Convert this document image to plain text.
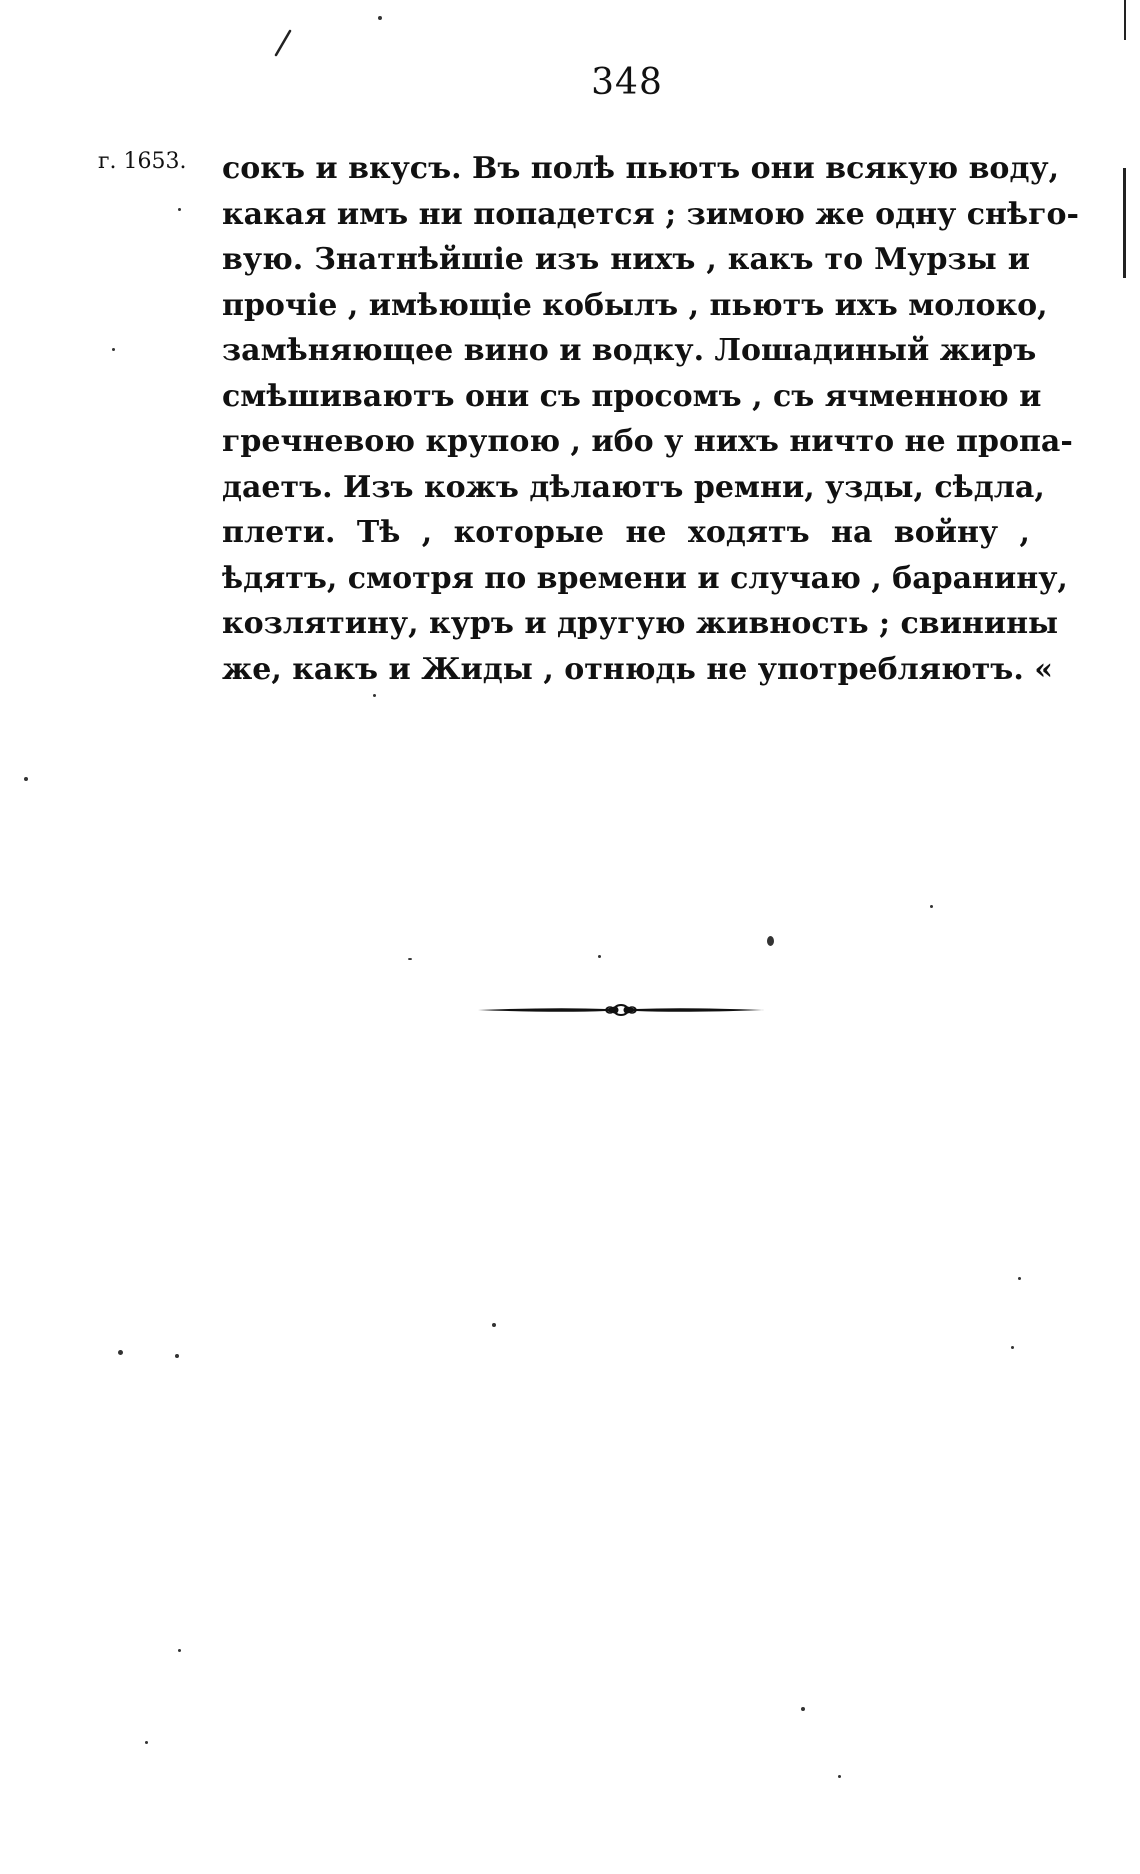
348
г. 1653. сокъ и вкусъ. Въ полѣ пьютъ они всякую воду,
какая имъ ни попадется ; зимою же одну снѣго-
вую. Знатнѣйшіе изъ нихъ , какъ то Мурзы и
прочіе , имѣющіе кобылъ , пьютъ ихъ молоко,
замѣняющее вино и водку. Лошадиный жиръ
смѣшиваютъ они съ просомъ , съ ячменною и
гречневою крупою , ибо у нихъ ничто не пропа-
даетъ. Изъ кожъ дѣлаютъ ремни, узды, сѣдла,
плети. Тѣ , которые не ходятъ на войну ,
ѣдятъ, смотря по времени и случаю , баранину,
козлятину, куръ и другую живность ; свинины
же, какъ и Жиды , отнюдь не употребляютъ. «
